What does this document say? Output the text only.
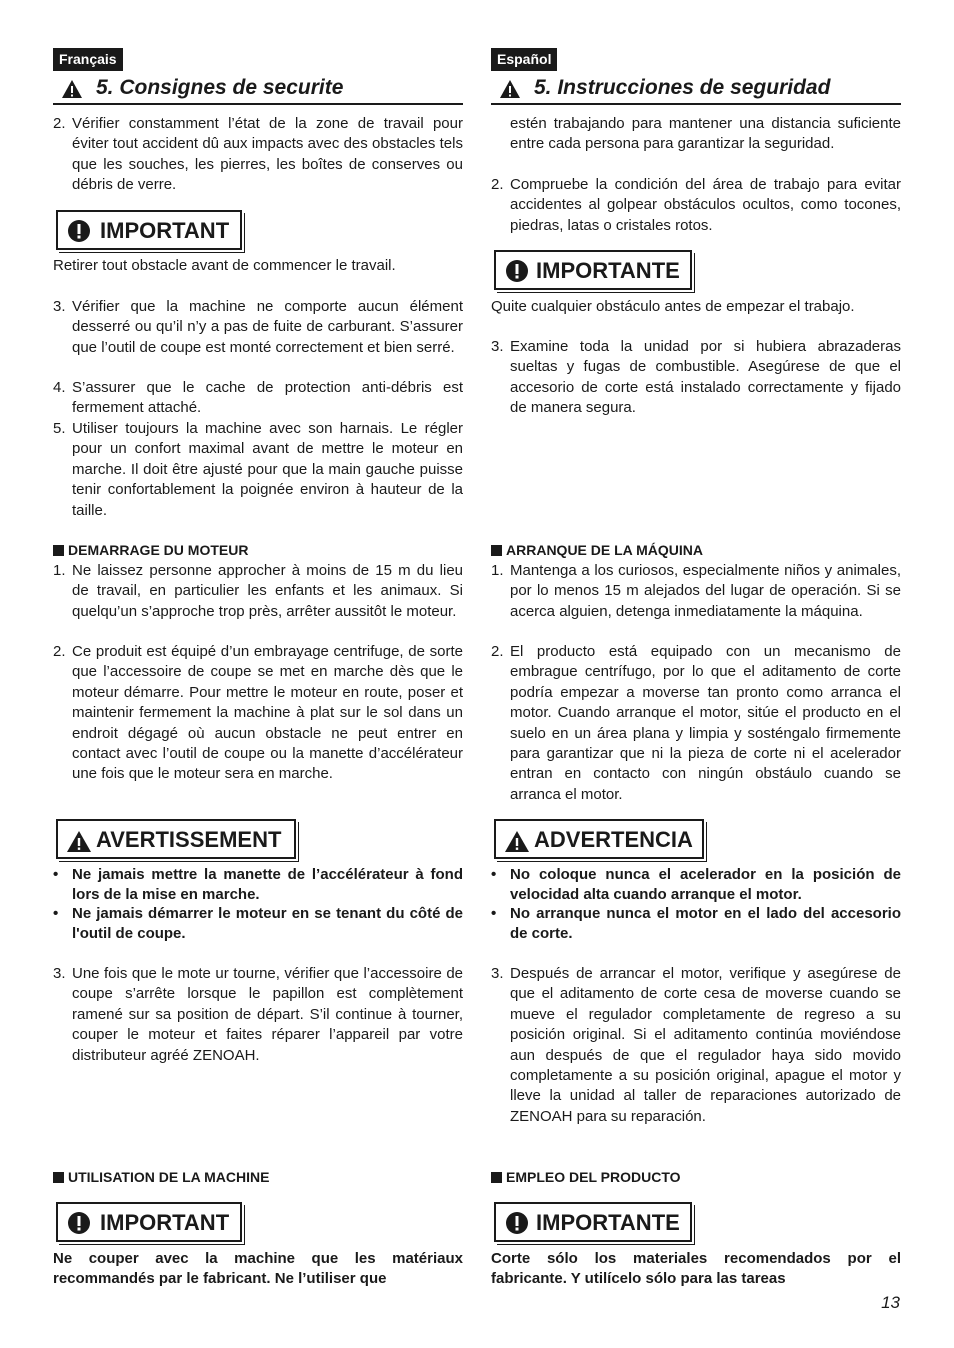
Français
5. Consignes de securite
2. Vérifier constamment l’état de la zone de travail pour éviter tout accident dû aux impacts avec des obstacles tels que les souches, les pierres, les boîtes de conserves ou débris de verre.
IMPORTANT
Retirer tout obstacle avant de commencer le travail.
3. Vérifier que la machine ne comporte aucun élément desserré ou qu’il n’y a pas de fuite de carburant. S’assurer que l’outil de coupe est monté correctement et bien serré.
4. S’assurer que le cache de protection anti-débris est fermement attaché.
5. Utiliser toujours la machine avec son harnais. Le régler pour un confort maximal avant de mettre le moteur en marche. Il doit être ajusté pour que la main gauche puisse tenir confortablement la poignée environ à hauteur de la taille.
DEMARRAGE DU MOTEUR
1. Ne laissez personne approcher à moins de 15 m du lieu de travail, en particulier les enfants et les animaux. Si quelqu’un s’approche trop près, arrêter aussitôt le moteur.
2. Ce produit est équipé d’un embrayage centrifuge, de sorte que l’accessoire de coupe se met en marche dès que le moteur démarre. Pour mettre le moteur en route, poser et maintenir fermement la machine à plat sur le sol dans un endroit dégagé où aucun obstacle ne peut entrer en contact avec l’outil de coupe ou la manette d’accélérateur une fois que le moteur sera en marche.
AVERTISSEMENT
• Ne jamais mettre la manette de l’accélérateur à fond lors de la mise en marche.
• Ne jamais démarrer le moteur en se tenant du côté de l'outil de coupe.
3. Une fois que le mote ur tourne, vérifier que l’accessoire de coupe s’arrête lorsque le papillon est complètement ramené sur sa position de départ. S’il continue à tourner, couper le moteur et faites réparer l’appareil par votre distributeur agréé ZENOAH.
UTILISATION DE LA MACHINE
IMPORTANT
Ne couper avec la machine que les matériaux recommandés par le fabricant. Ne l’utiliser que
Español
5. Instrucciones de seguridad
estén trabajando para mantener una distancia suficiente entre cada persona para garantizar la seguridad.
2. Compruebe la condición del área de trabajo para evitar accidentes al golpear obstáculos ocultos, como tocones, piedras, latas o cristales rotos.
IMPORTANTE
Quite cualquier obstáculo antes de empezar el trabajo.
3. Examine toda la unidad por si hubiera abrazaderas sueltas y fugas de combustible. Asegúrese de que el accesorio de corte está instalado correctamente y fijado de manera segura.
ARRANQUE DE LA MÁQUINA
1. Mantenga a los curiosos, especialmente niños y animales, por lo menos 15 m alejados del lugar de operación. Si se acerca alguien, detenga inmediatamente la máquina.
2. El producto está equipado con un mecanismo de embrague centrífugo, por lo que el aditamento de corte podría empezar a moverse tan pronto como arranca el motor. Cuando arranque el motor, sitúe el producto en el suelo en un área plana y limpia y sosténgalo firmemente para garantizar que ni la pieza de corte ni el acelerador entran en contacto con ningún obstáulo cuando se arranca el motor.
ADVERTENCIA
• No coloque nunca el acelerador en la posición de velocidad alta cuando arranque el motor.
• No arranque nunca el motor en el lado del accesorio de corte.
3. Después de arrancar el motor, verifique y asegúrese de que el aditamento de corte cesa de moverse cuando se mueve el regulador completamente de regreso a su posición original. Si el aditamento continúa moviéndose aun después de que el regulador haya sido movido completamente a su posición original, apague el motor y lleve la unidad al taller de reparaciones autorizado de ZENOAH para su reparación.
EMPLEO DEL PRODUCTO
IMPORTANTE
Corte sólo los materiales recomendados por el fabricante. Y utilícelo sólo para las tareas
13
